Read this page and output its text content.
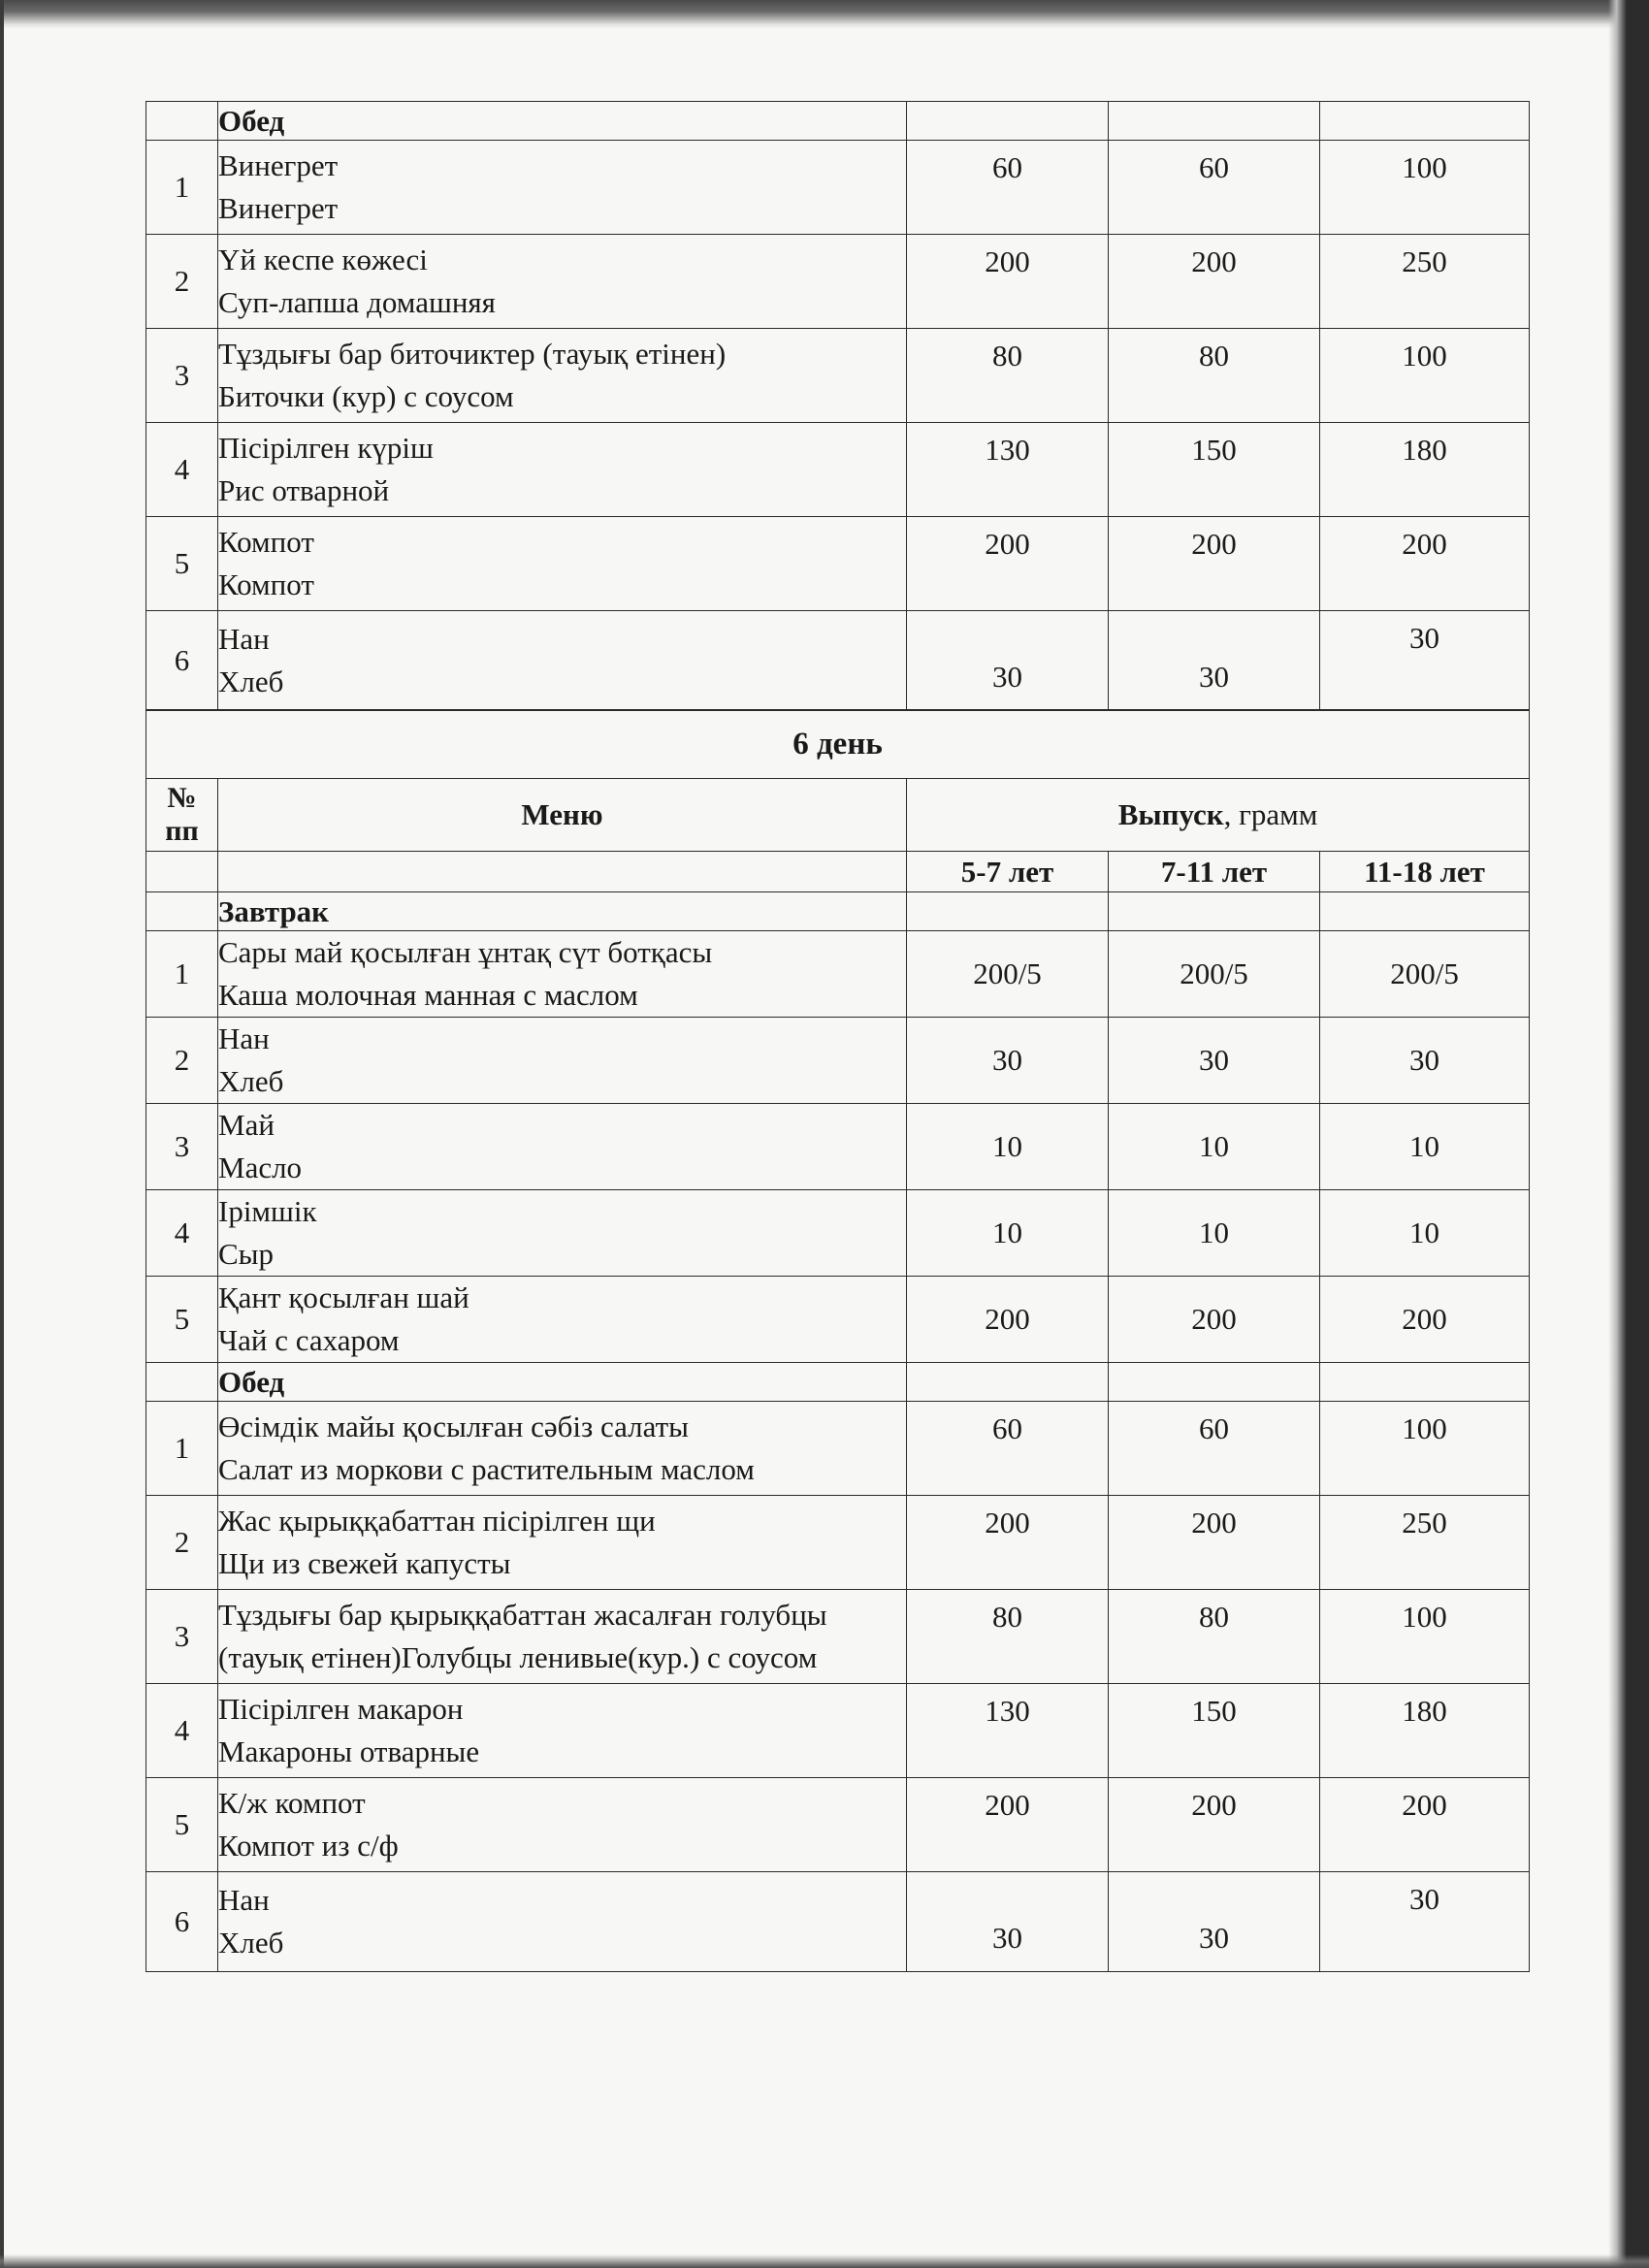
	Обед			
1	Винегрет
Винегрет	60	60	100
2	Үй кеспе көжесі
Суп-лапша домашняя	200	200	250
3	Тұздығы бар биточиктер (тауық етінен)
Биточки (кур) с соусом	80	80	100
4	Пісірілген күріш
Рис отварной	130	150	180
5	Компот
Компот	200	200	200
6	Нан
Хлеб	30	30	30
6 день				
№
пп	Меню	Выпуск, грамм		
		5-7 лет	7-11 лет	11-18 лет
	Завтрак			
1	Сары май қосылған ұнтақ сүт ботқасы
Каша молочная манная с маслом	200/5	200/5	200/5
2	Нан
Хлеб	30	30	30
3	Май
Масло	10	10	10
4	Ірімшік
Сыр	10	10	10
5	Қант қосылған шай
Чай с сахаром	200	200	200
	Обед			
1	Өсімдік майы қосылған сәбіз салаты
Салат из моркови с растительным маслом	60	60	100
2	Жас қырыққабаттан пісірілген щи
Щи из свежей капусты	200	200	250
3	Тұздығы бар қырыққабаттан жасалған голубцы
(тауық етінен)Голубцы ленивые(кур.) с соусом	80	80	100
4	Пісірілген макарон
Макароны отварные	130	150	180
5	К/ж компот
Компот из с/ф	200	200	200
6	Нан
Хлеб	30	30	30
